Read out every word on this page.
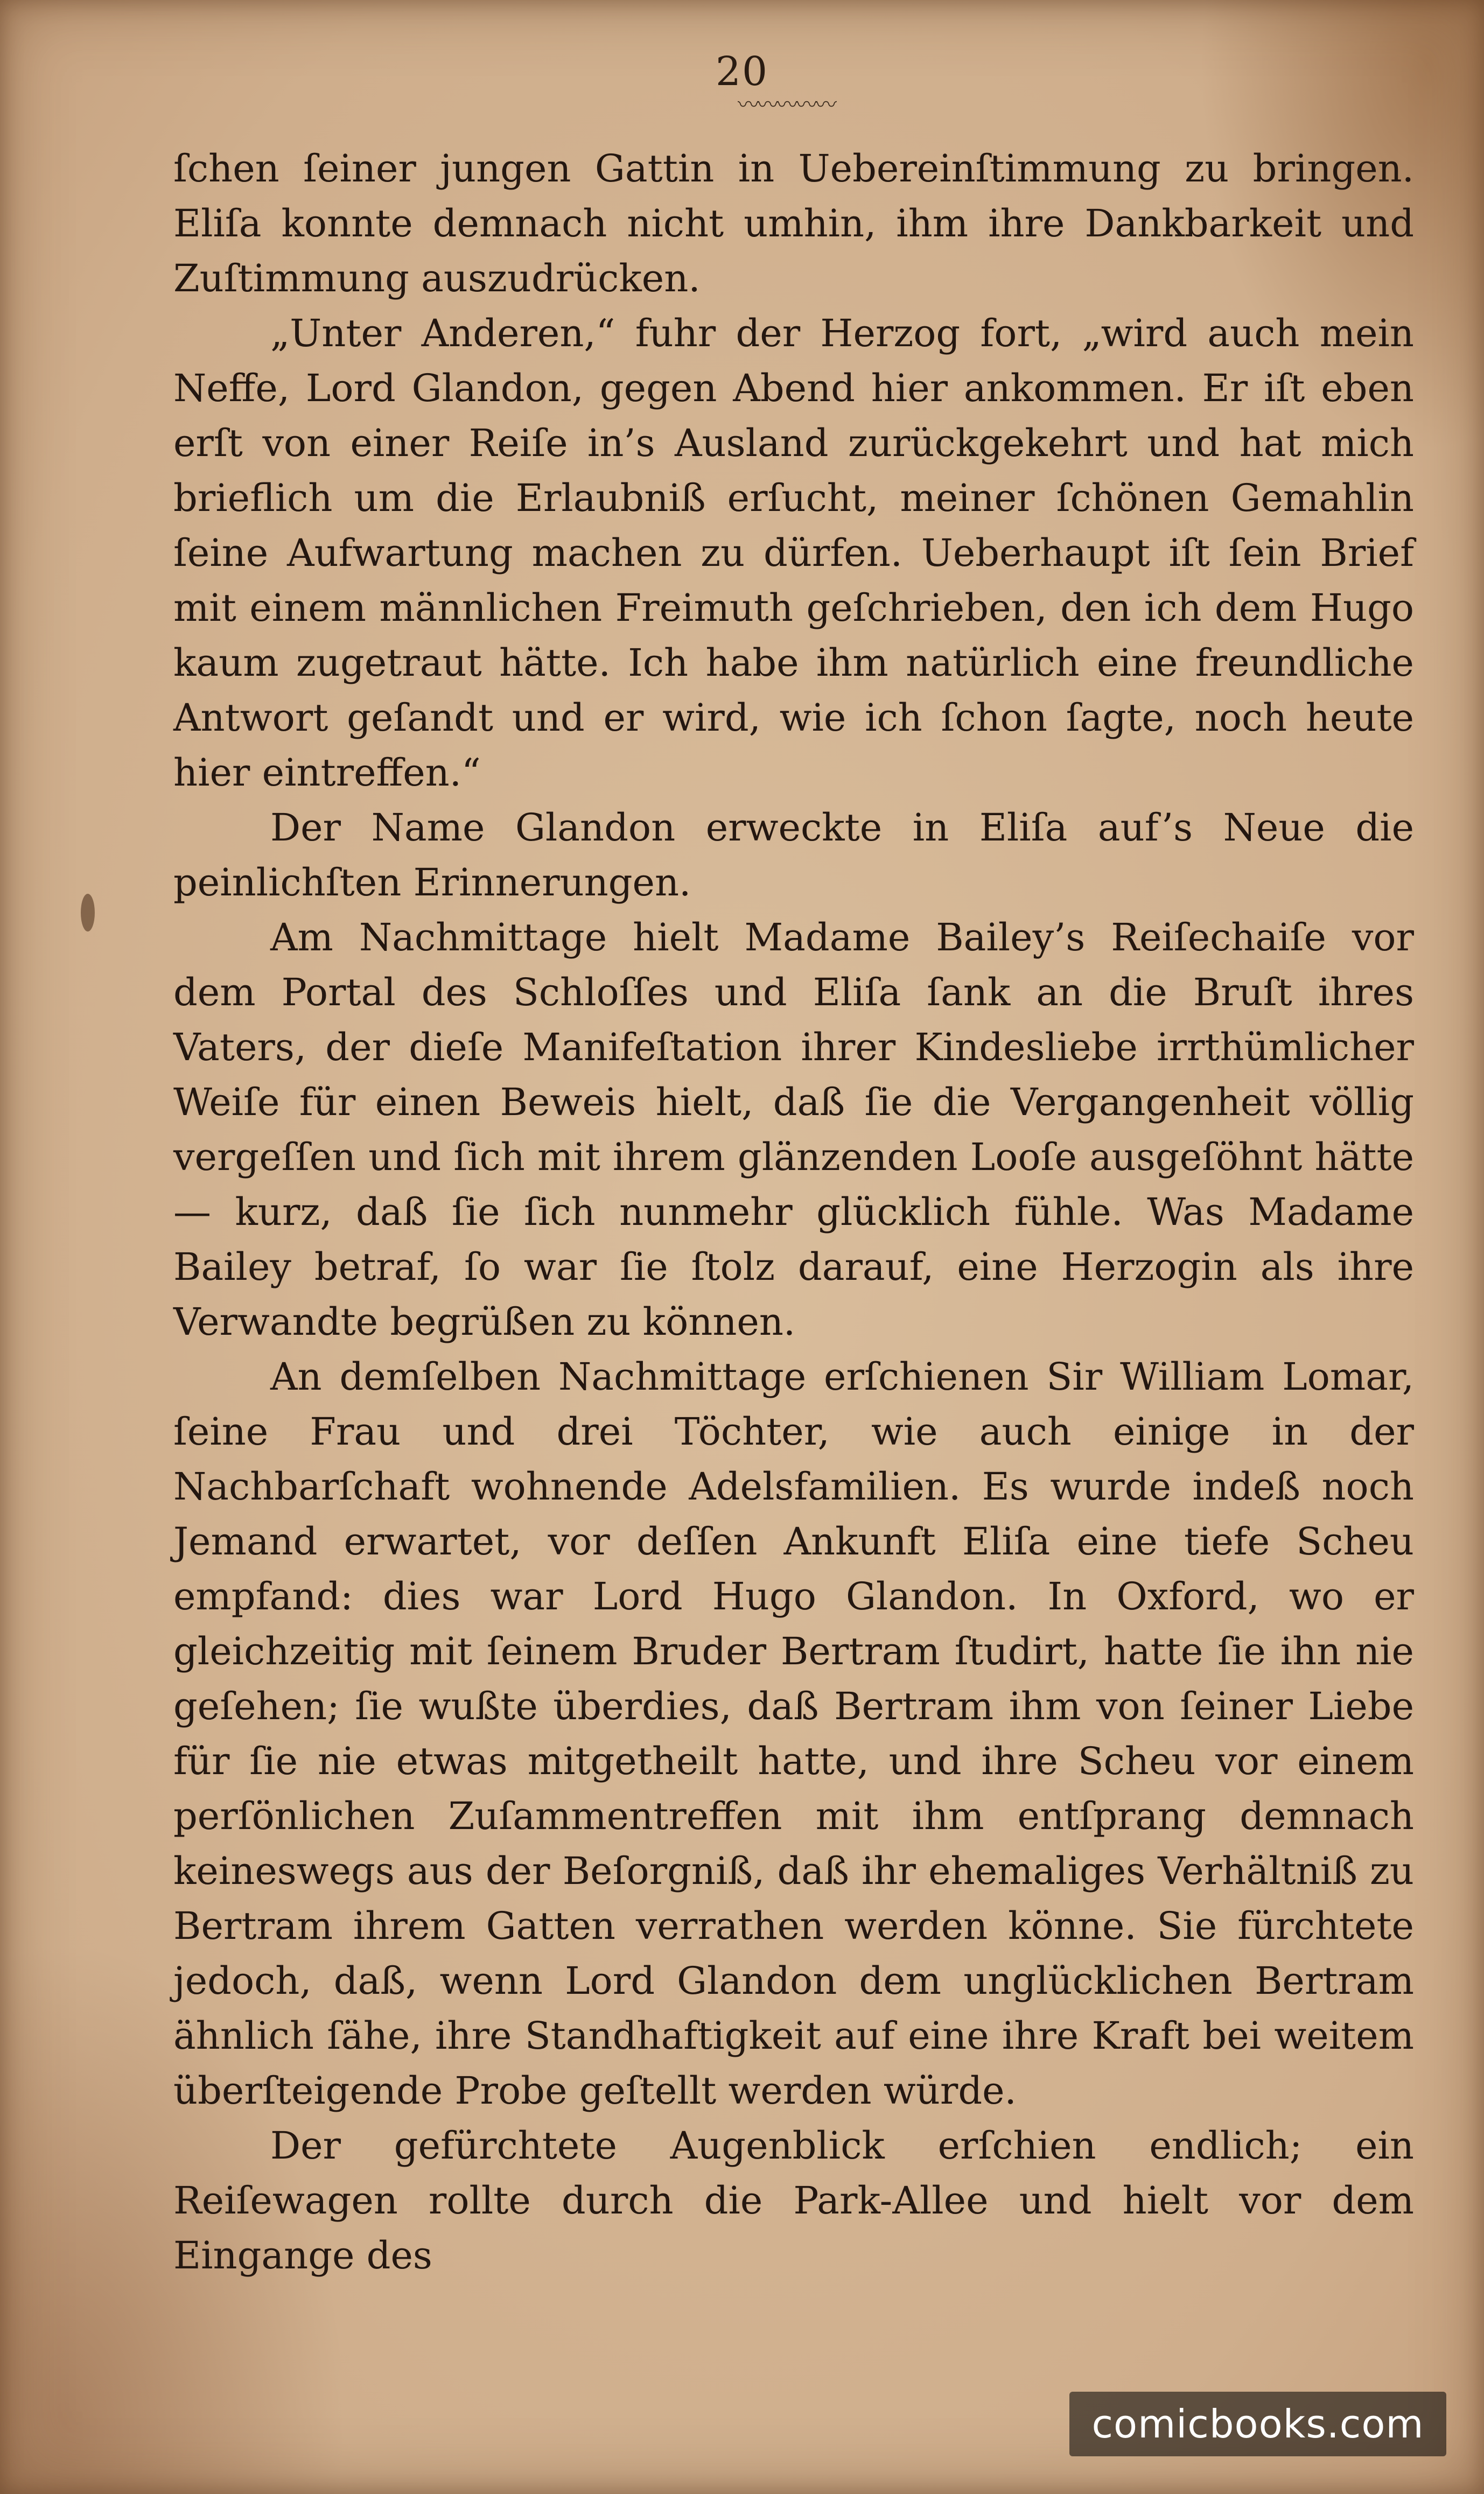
20
〰〰〰〰〰

ſchen ſeiner jungen Gattin in Uebereinſtimmung zu bringen. Eliſa konnte demnach nicht umhin, ihm ihre Dankbarkeit und Zuſtimmung auszudrücken.

„Unter Anderen,“ fuhr der Herzog fort, „wird auch mein Neffe, Lord Glandon, gegen Abend hier ankommen. Er iſt eben erſt von einer Reiſe in’s Ausland zurückgekehrt und hat mich brieflich um die Erlaubniß erſucht, meiner ſchönen Gemahlin ſeine Aufwartung machen zu dürfen. Ueberhaupt iſt ſein Brief mit einem männlichen Freimuth geſchrieben, den ich dem Hugo kaum zugetraut hätte. Ich habe ihm natürlich eine freundliche Antwort geſandt und er wird, wie ich ſchon ſagte, noch heute hier eintreffen.“

Der Name Glandon erweckte in Eliſa auf’s Neue die peinlichſten Erinnerungen.

Am Nachmittage hielt Madame Bailey’s Reiſechaiſe vor dem Portal des Schloſſes und Eliſa ſank an die Bruſt ihres Vaters, der dieſe Manifeſtation ihrer Kindesliebe irrthümlicher Weiſe für einen Beweis hielt, daß ſie die Vergangenheit völlig vergeſſen und ſich mit ihrem glänzenden Looſe ausgeſöhnt hätte — kurz, daß ſie ſich nunmehr glücklich fühle. Was Madame Bailey betraf, ſo war ſie ſtolz darauf, eine Herzogin als ihre Verwandte begrüßen zu können.

An demſelben Nachmittage erſchienen Sir William Lomar, ſeine Frau und drei Töchter, wie auch einige in der Nachbarſchaft wohnende Adelsfamilien. Es wurde indeß noch Jemand erwartet, vor deſſen Ankunft Eliſa eine tiefe Scheu empfand: dies war Lord Hugo Glandon. In Oxford, wo er gleichzeitig mit ſeinem Bruder Bertram ſtudirt, hatte ſie ihn nie geſehen; ſie wußte überdies, daß Bertram ihm von ſeiner Liebe für ſie nie etwas mitgetheilt hatte, und ihre Scheu vor einem perſönlichen Zuſammentreffen mit ihm entſprang demnach keineswegs aus der Beſorgniß, daß ihr ehemaliges Verhältniß zu Bertram ihrem Gatten verrathen werden könne. Sie fürchtete jedoch, daß, wenn Lord Glandon dem unglücklichen Bertram ähnlich ſähe, ihre Standhaftigkeit auf eine ihre Kraft bei weitem überſteigende Probe geſtellt werden würde.

Der gefürchtete Augenblick erſchien endlich; ein Reiſewagen rollte durch die Park-Allee und hielt vor dem Eingange des

comicbooks.com
